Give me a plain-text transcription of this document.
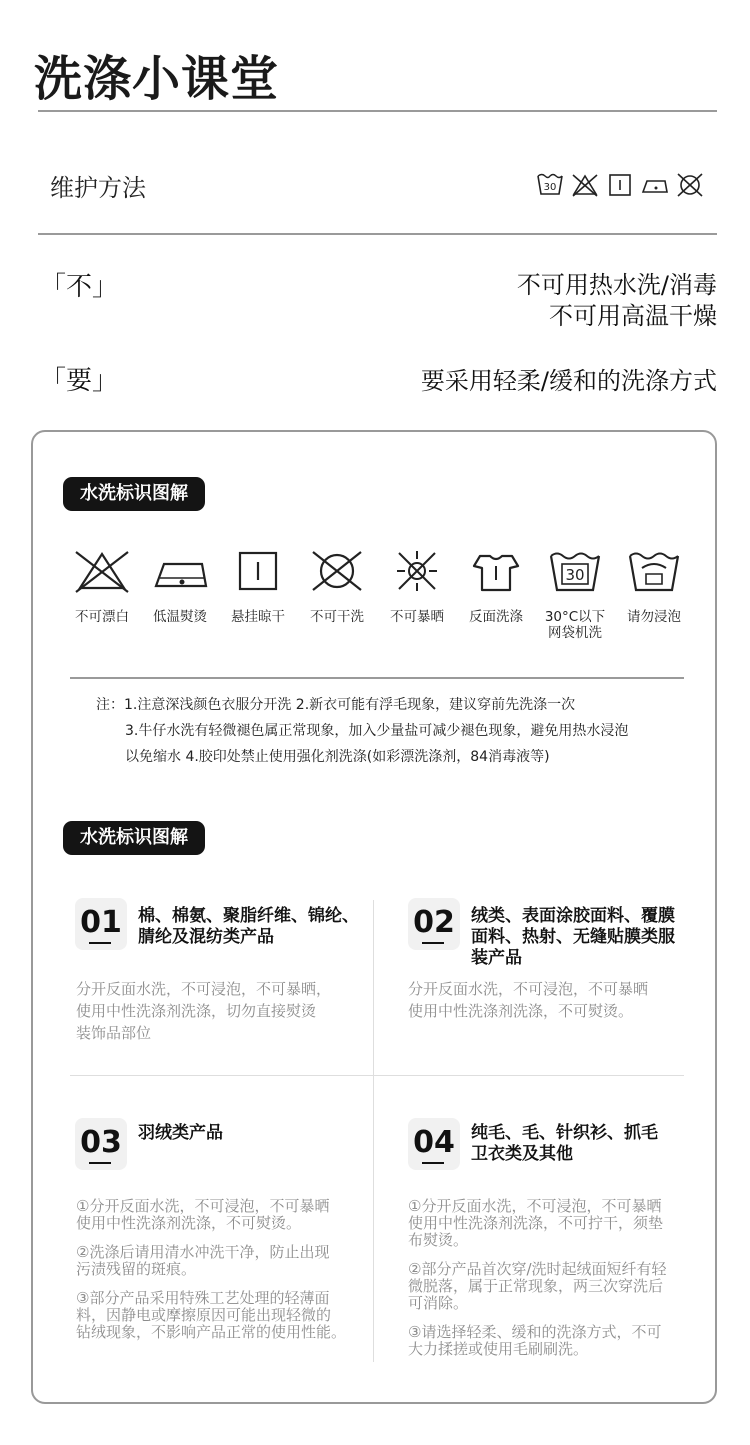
洗涤小课堂
维护方法	30
「不」	不可用热水洗/消毒
不可用高温干燥
「要」	要采用轻柔/缓和的洗涤方式
水洗标识图解
不可漂白	低温熨烫	悬挂晾干	不可干洗	不可暴晒	反面洗涤
30
30°C以下
网袋机洗
请勿浸泡
注：1.注意深浅颜色衣服分开洗 2.新衣可能有浮毛现象，建议穿前先洗涤一次
3.牛仔水洗有轻微褪色属正常现象，加入少量盐可减少褪色现象，避免用热水浸泡
以免缩水 4.胶印处禁止使用强化剂洗涤(如彩漂洗涤剂，84消毒液等)
水洗标识图解
01 棉、棉氨、聚脂纤维、锦纶、
腈纶及混纺类产品
分开反面水洗，不可浸泡，不可暴晒，
使用中性洗涤剂洗涤，切勿直接熨烫
装饰品部位
02 绒类、表面涂胶面料、覆膜
面料、热射、无缝贴膜类服
装产品
分开反面水洗，不可浸泡，不可暴晒
使用中性洗涤剂洗涤，不可熨烫。
03 羽绒类产品
①分开反面水洗，不可浸泡，不可暴晒
使用中性洗涤剂洗涤，不可熨烫。
②洗涤后请用清水冲洗干净，防止出现
污渍残留的斑痕。
③部分产品采用特殊工艺处理的轻薄面
料，因静电或摩擦原因可能出现轻微的
钻绒现象，不影响产品正常的使用性能。
04 纯毛、毛、针织衫、抓毛
卫衣类及其他
①分开反面水洗，不可浸泡，不可暴晒
使用中性洗涤剂洗涤，不可拧干，须垫
布熨烫。
②部分产品首次穿/洗时起绒面短纤有轻
微脱落，属于正常现象，两三次穿洗后
可消除。
③请选择轻柔、缓和的洗涤方式，不可
大力揉搓或使用毛刷刷洗。
